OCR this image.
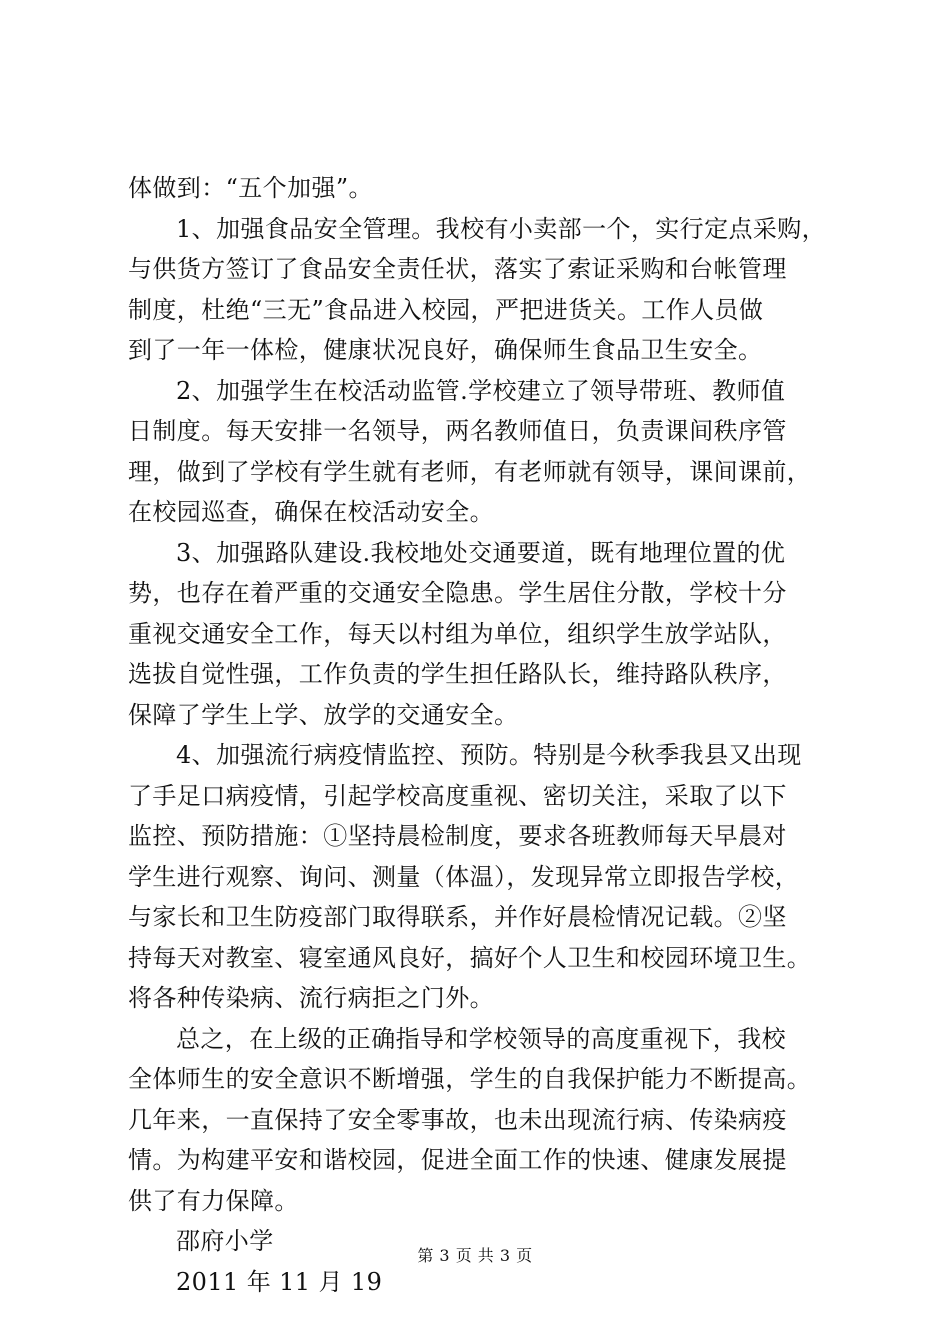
体做到：“五个加强”。
1、加强食品安全管理。我校有小卖部一个，实行定点采购，
与供货方签订了食品安全责任状，落实了索证采购和台帐管理
制度，杜绝“三无”食品进入校园，严把进货关。工作人员做
到了一年一体检，健康状况良好，确保师生食品卫生安全。
2、加强学生在校活动监管.学校建立了领导带班、教师值
日制度。每天安排一名领导，两名教师值日，负责课间秩序管
理，做到了学校有学生就有老师，有老师就有领导，课间课前，
在校园巡查，确保在校活动安全。
3、加强路队建设.我校地处交通要道，既有地理位置的优
势，也存在着严重的交通安全隐患。学生居住分散，学校十分
重视交通安全工作，每天以村组为单位，组织学生放学站队，
选拔自觉性强，工作负责的学生担任路队长，维持路队秩序，
保障了学生上学、放学的交通安全。
4、加强流行病疫情监控、预防。特别是今秋季我县又出现
了手足口病疫情，引起学校高度重视、密切关注，采取了以下
监控、预防措施：①坚持晨检制度，要求各班教师每天早晨对
学生进行观察、询问、测量（体温），发现异常立即报告学校，
与家长和卫生防疫部门取得联系，并作好晨检情况记载。②坚
持每天对教室、寝室通风良好，搞好个人卫生和校园环境卫生。
将各种传染病、流行病拒之门外。
总之，在上级的正确指导和学校领导的高度重视下，我校
全体师生的安全意识不断增强，学生的自我保护能力不断提高。
几年来，一直保持了安全零事故，也未出现流行病、传染病疫
情。为构建平安和谐校园，促进全面工作的快速、健康发展提
供了有力保障。
邵府小学
2011 年 11 月 19
第 3 页 共 3 页
